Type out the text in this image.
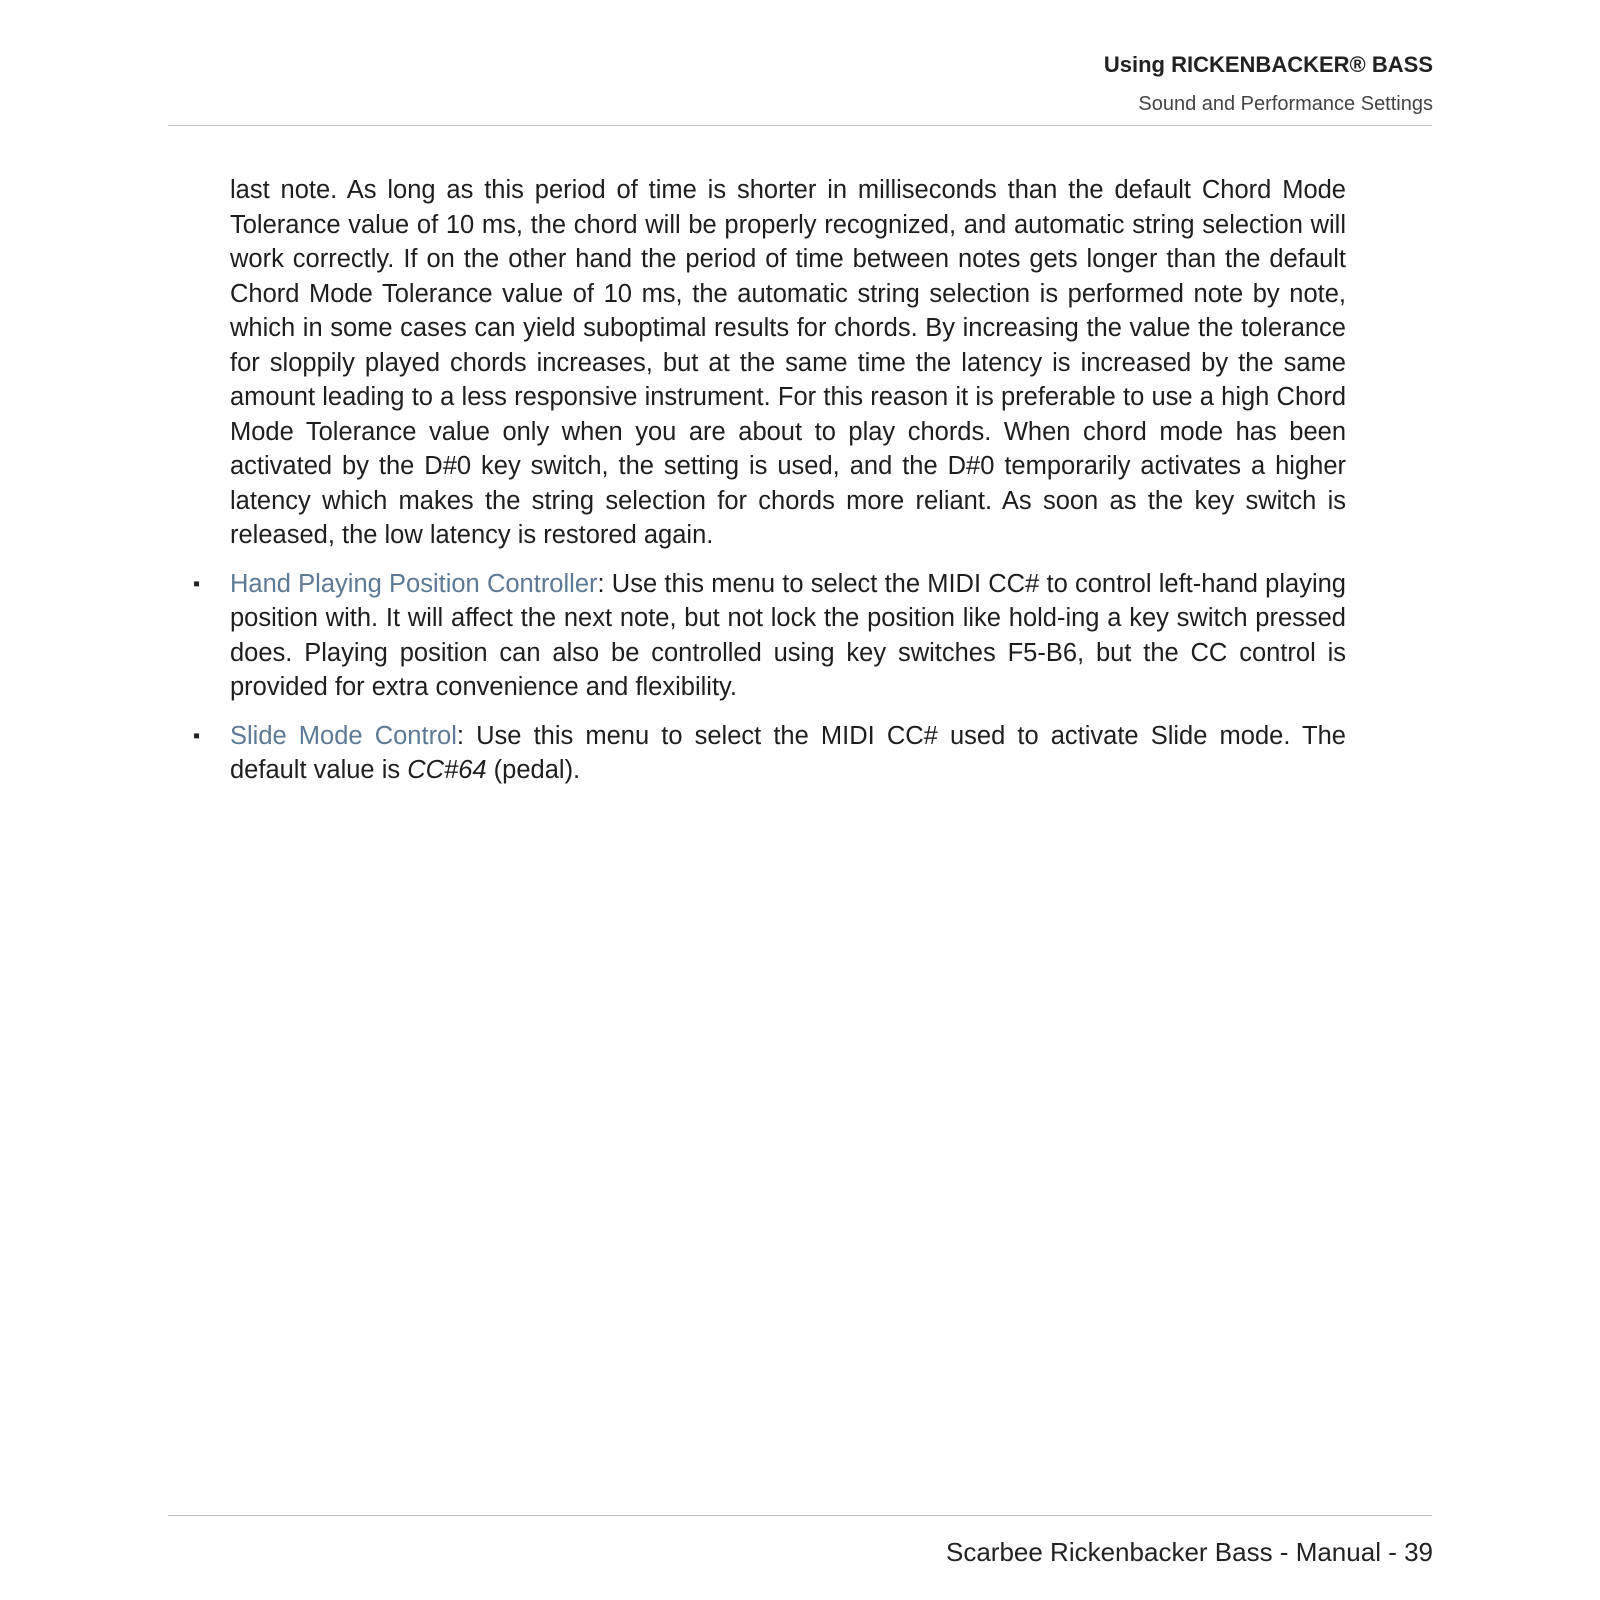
Using RICKENBACKER® BASS
Sound and Performance Settings

last note. As long as this period of time is shorter in milliseconds than the default Chord Mode Tolerance value of 10 ms, the chord will be properly recognized, and automatic string selection will work correctly. If on the other hand the period of time between notes gets longer than the default Chord Mode Tolerance value of 10 ms, the automatic string selection is performed note by note, which in some cases can yield suboptimal results for chords. By increasing the value the tolerance for sloppily played chords increases, but at the same time the latency is increased by the same amount leading to a less responsive instrument. For this reason it is preferable to use a high Chord Mode Tolerance value only when you are about to play chords. When chord mode has been activated by the D#0 key switch, the setting is used, and the D#0 temporarily activates a higher latency which makes the string selection for chords more reliant. As soon as the key switch is released, the low latency is restored again.

▪ Hand Playing Position Controller: Use this menu to select the MIDI CC# to control left-hand playing position with. It will affect the next note, but not lock the position like hold-ing a key switch pressed does. Playing position can also be controlled using key switches F5-B6, but the CC control is provided for extra convenience and flexibility.
▪ Slide Mode Control: Use this menu to select the MIDI CC# used to activate Slide mode. The default value is CC#64 (pedal).
Scarbee Rickenbacker Bass - Manual - 39
